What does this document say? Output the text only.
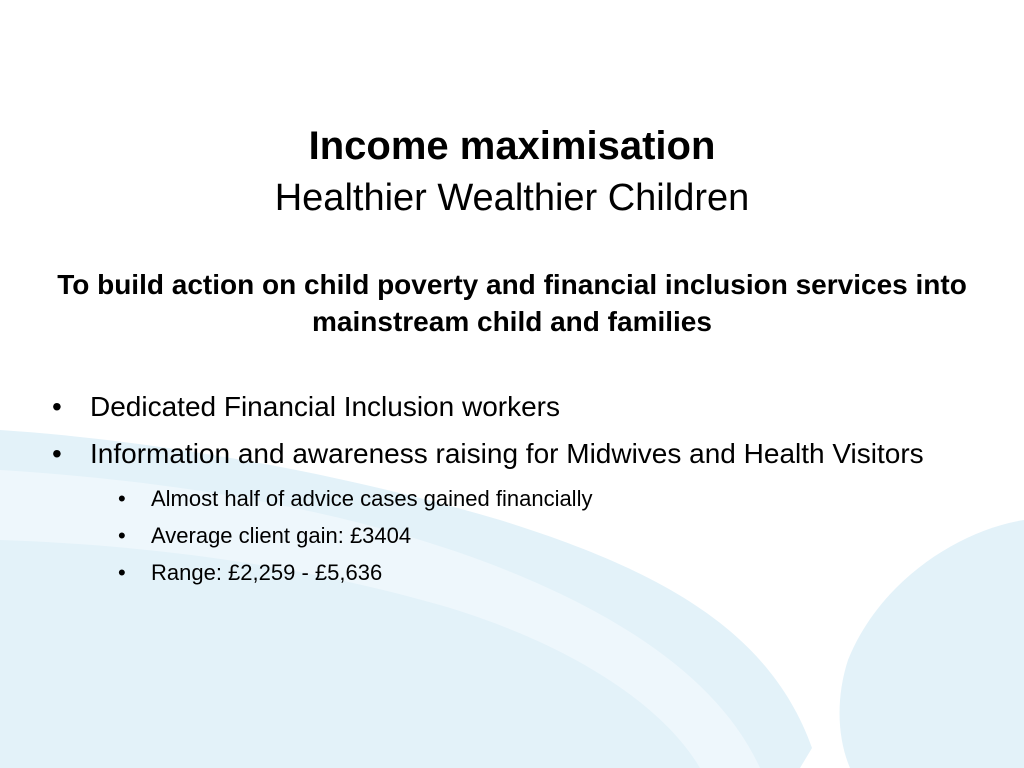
Income maximisation
Healthier Wealthier Children
To build action on child poverty and financial inclusion services into mainstream child and families
• Dedicated Financial Inclusion workers
• Information and awareness raising for Midwives and Health Visitors
• Almost half of advice cases gained financially
• Average client gain: £3404
• Range: £2,259 - £5,636
